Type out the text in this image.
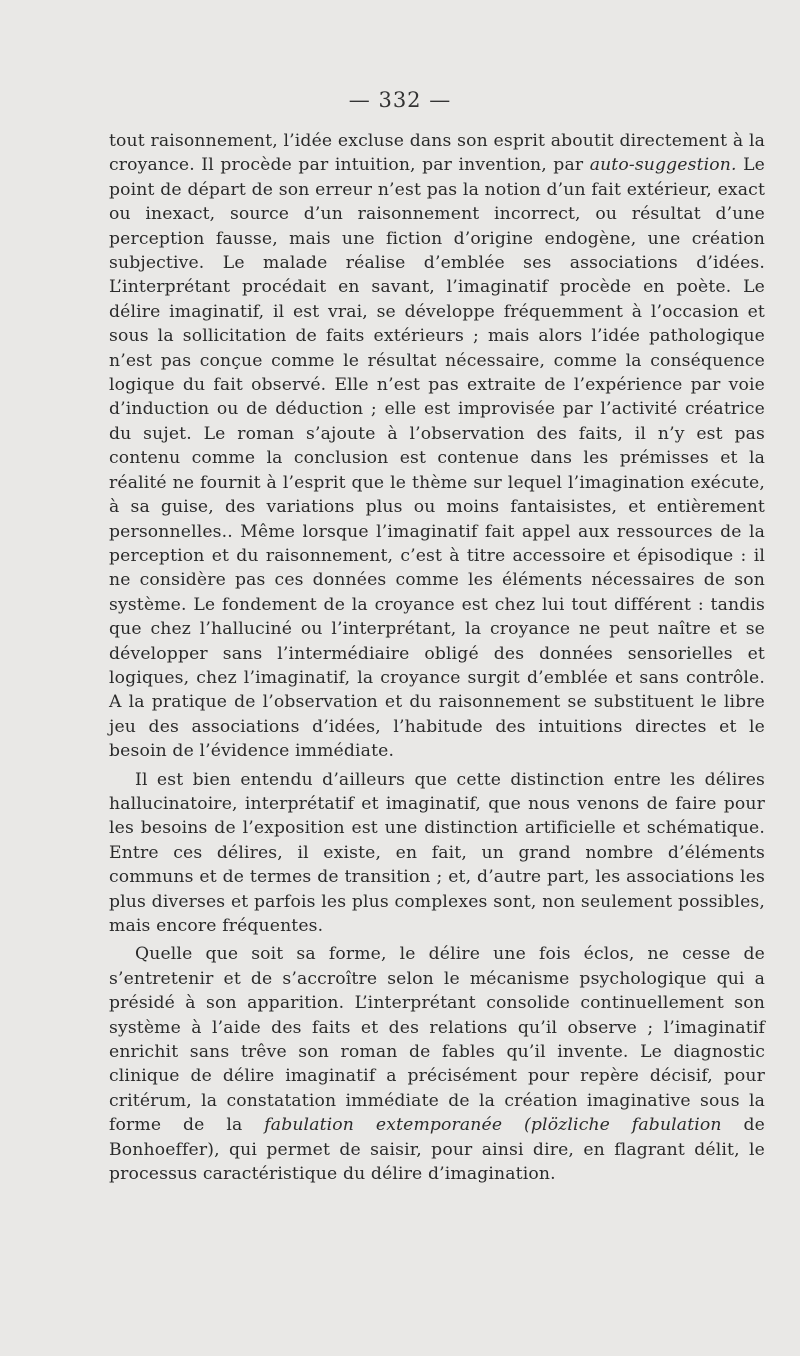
— 332 —

tout raisonnement, l’idée excluse dans son esprit aboutit directement à la croyance. Il procède par intuition, par invention, par auto-suggestion. Le point de départ de son erreur n’est pas la notion d’un fait extérieur, exact ou inexact, source d’un raisonnement incorrect, ou résultat d’une perception fausse, mais une fiction d’origine endogène, une création subjective. Le malade réalise d’emblée ses associations d’idées. L’interprétant procédait en savant, l’imaginatif procède en poète. Le délire imaginatif, il est vrai, se développe fréquemment à l’occasion et sous la sollicitation de faits extérieurs ; mais alors l’idée pathologique n’est pas conçue comme le résultat nécessaire, comme la conséquence logique du fait observé. Elle n’est pas extraite de l’expérience par voie d’induction ou de déduction ; elle est improvisée par l’activité créatrice du sujet. Le roman s’ajoute à l’observation des faits, il n’y est pas contenu comme la conclusion est contenue dans les prémisses et la réalité ne fournit à l’esprit que le thème sur lequel l’imagination exécute, à sa guise, des variations plus ou moins fantaisistes, et entièrement personnelles.. Même lorsque l’imaginatif fait appel aux ressources de la perception et du raisonnement, c’est à titre accessoire et épisodique : il ne considère pas ces données comme les éléments nécessaires de son système. Le fondement de la croyance est chez lui tout différent : tandis que chez l’halluciné ou l’interprétant, la croyance ne peut naître et se développer sans l’intermédiaire obligé des données sensorielles et logiques, chez l’imaginatif, la croyance surgit d’emblée et sans contrôle. A la pratique de l’observation et du raisonnement se substituent le libre jeu des associations d’idées, l’habitude des intuitions directes et le besoin de l’évidence immédiate.

Il est bien entendu d’ailleurs que cette distinction entre les délires hallucinatoire, interprétatif et imaginatif, que nous venons de faire pour les besoins de l’exposition est une distinction artificielle et schématique. Entre ces délires, il existe, en fait, un grand nombre d’éléments communs et de termes de transition ; et, d’autre part, les associations les plus diverses et parfois les plus complexes sont, non seulement possibles, mais encore fréquentes.

Quelle que soit sa forme, le délire une fois éclos, ne cesse de s’entretenir et de s’accroître selon le mécanisme psychologique qui a présidé à son apparition. L’interprétant consolide continuellement son système à l’aide des faits et des relations qu’il observe ; l’imaginatif enrichit sans trêve son roman de fables qu’il invente. Le diagnostic clinique de délire imaginatif a précisément pour repère décisif, pour critérum, la constatation immédiate de la création imaginative sous la forme de la fabulation extemporanée (plözliche fabulation de Bonhoeffer), qui permet de saisir, pour ainsi dire, en flagrant délit, le processus caractéristique du délire d’imagination.
